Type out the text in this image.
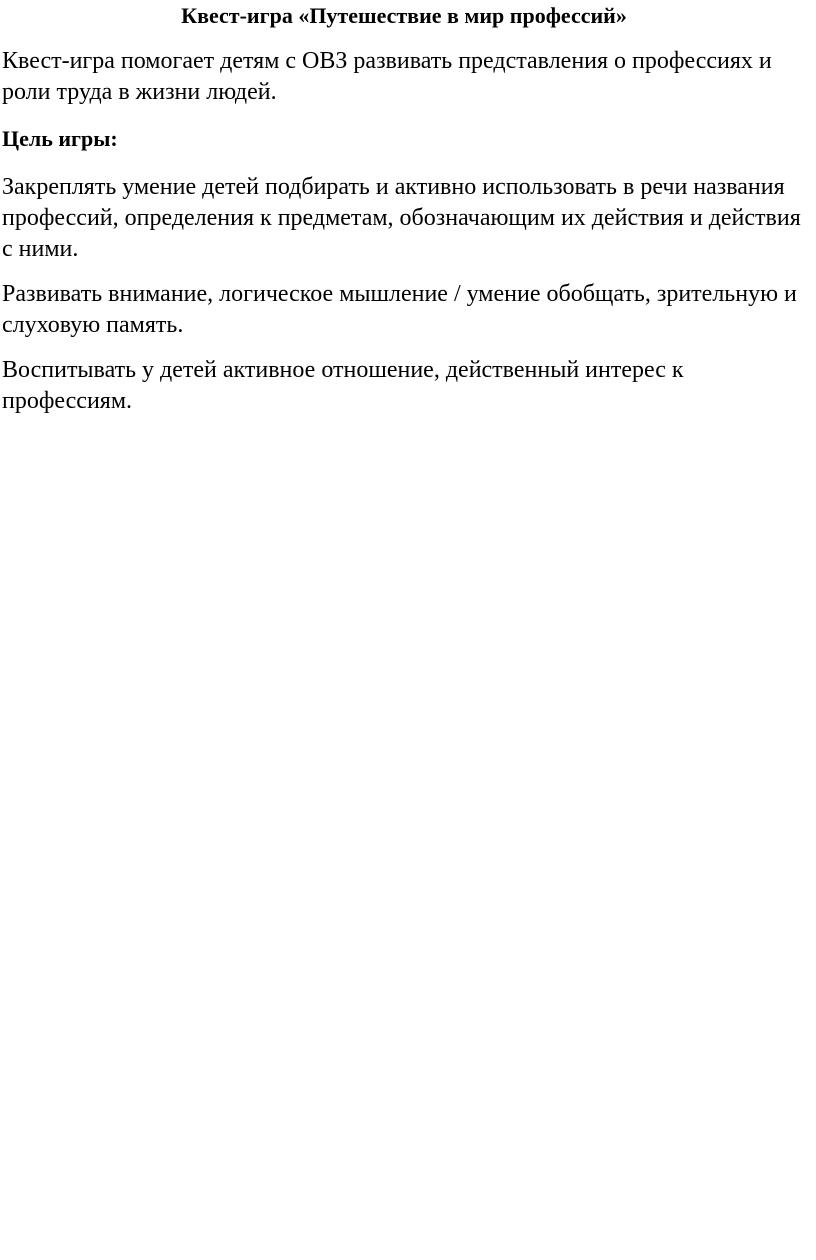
Квест-игра «Путешествие в мир профессий»

Квест-игра помогает детям с ОВЗ развивать представления о профессиях и роли труда в жизни людей.

Цель игры:

Закреплять умение детей подбирать и активно использовать в речи названия профессий, определения к предметам, обозначающим их действия и действия с ними.

Развивать внимание, логическое мышление / умение обобщать, зрительную и слуховую память.

Воспитывать у детей активное отношение, действенный интерес к профессиям.
